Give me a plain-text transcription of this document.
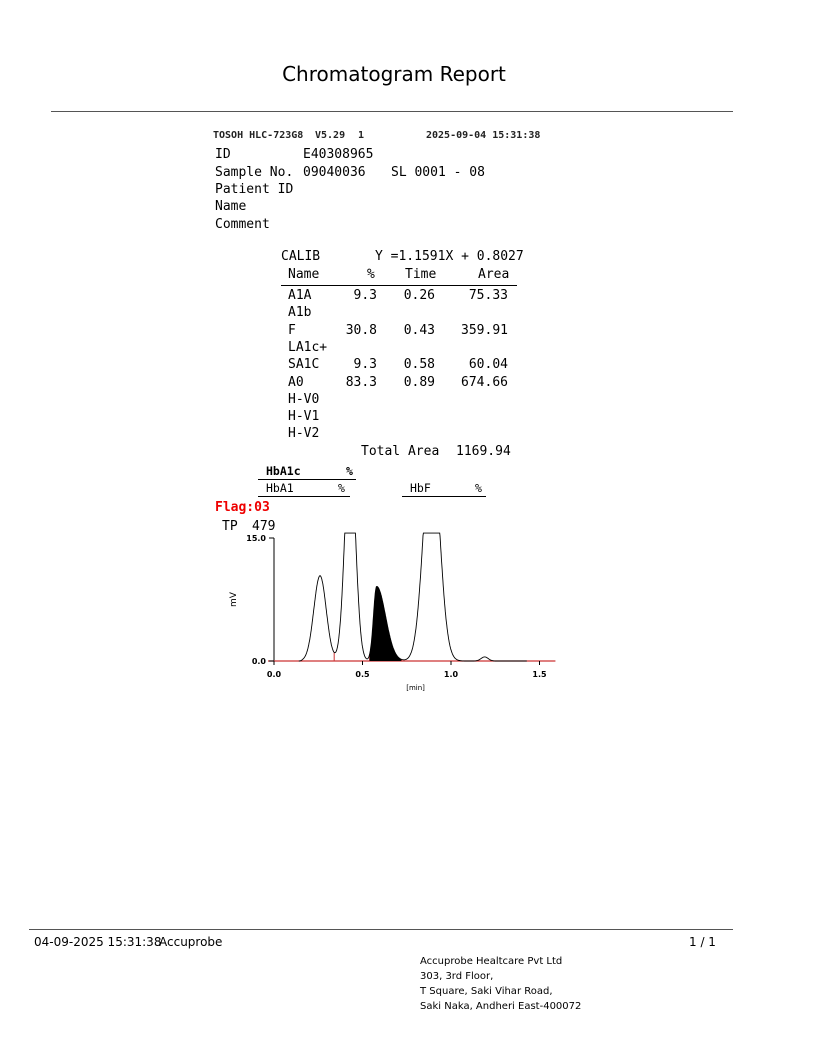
Chromatogram Report
TOSOH HLC-723G8 V5.29 1	2025-09-04 15:31:38
ID	E40308965
Sample No. 09040036 SL 0001 - 08
Patient ID
Name
Comment
CALIB	Y =1.1591X + 0.8027
Name	% Time	Area
A1A	9.3	0.26	75.33
A1b
F	30.8	0.43	359.91
LA1c+
SA1C	9.3	0.58	60.04
A0	83.3	0.89	674.66
H-V0
H-V1
H-V2
Total Area 1169.94

HbA1c

	%

HbA1

	%

	HbF

	%

Flag:03
TP 479
15.0
0.0
0.0	0.5	1.0	1.5
[min]
mV
04-09-2025 15:31:38
Accuprobe	1 / 1
Accuprobe Healtcare Pvt Ltd
303, 3rd Floor,
T Square, Saki Vihar Road,
Saki Naka, Andheri East-400072
